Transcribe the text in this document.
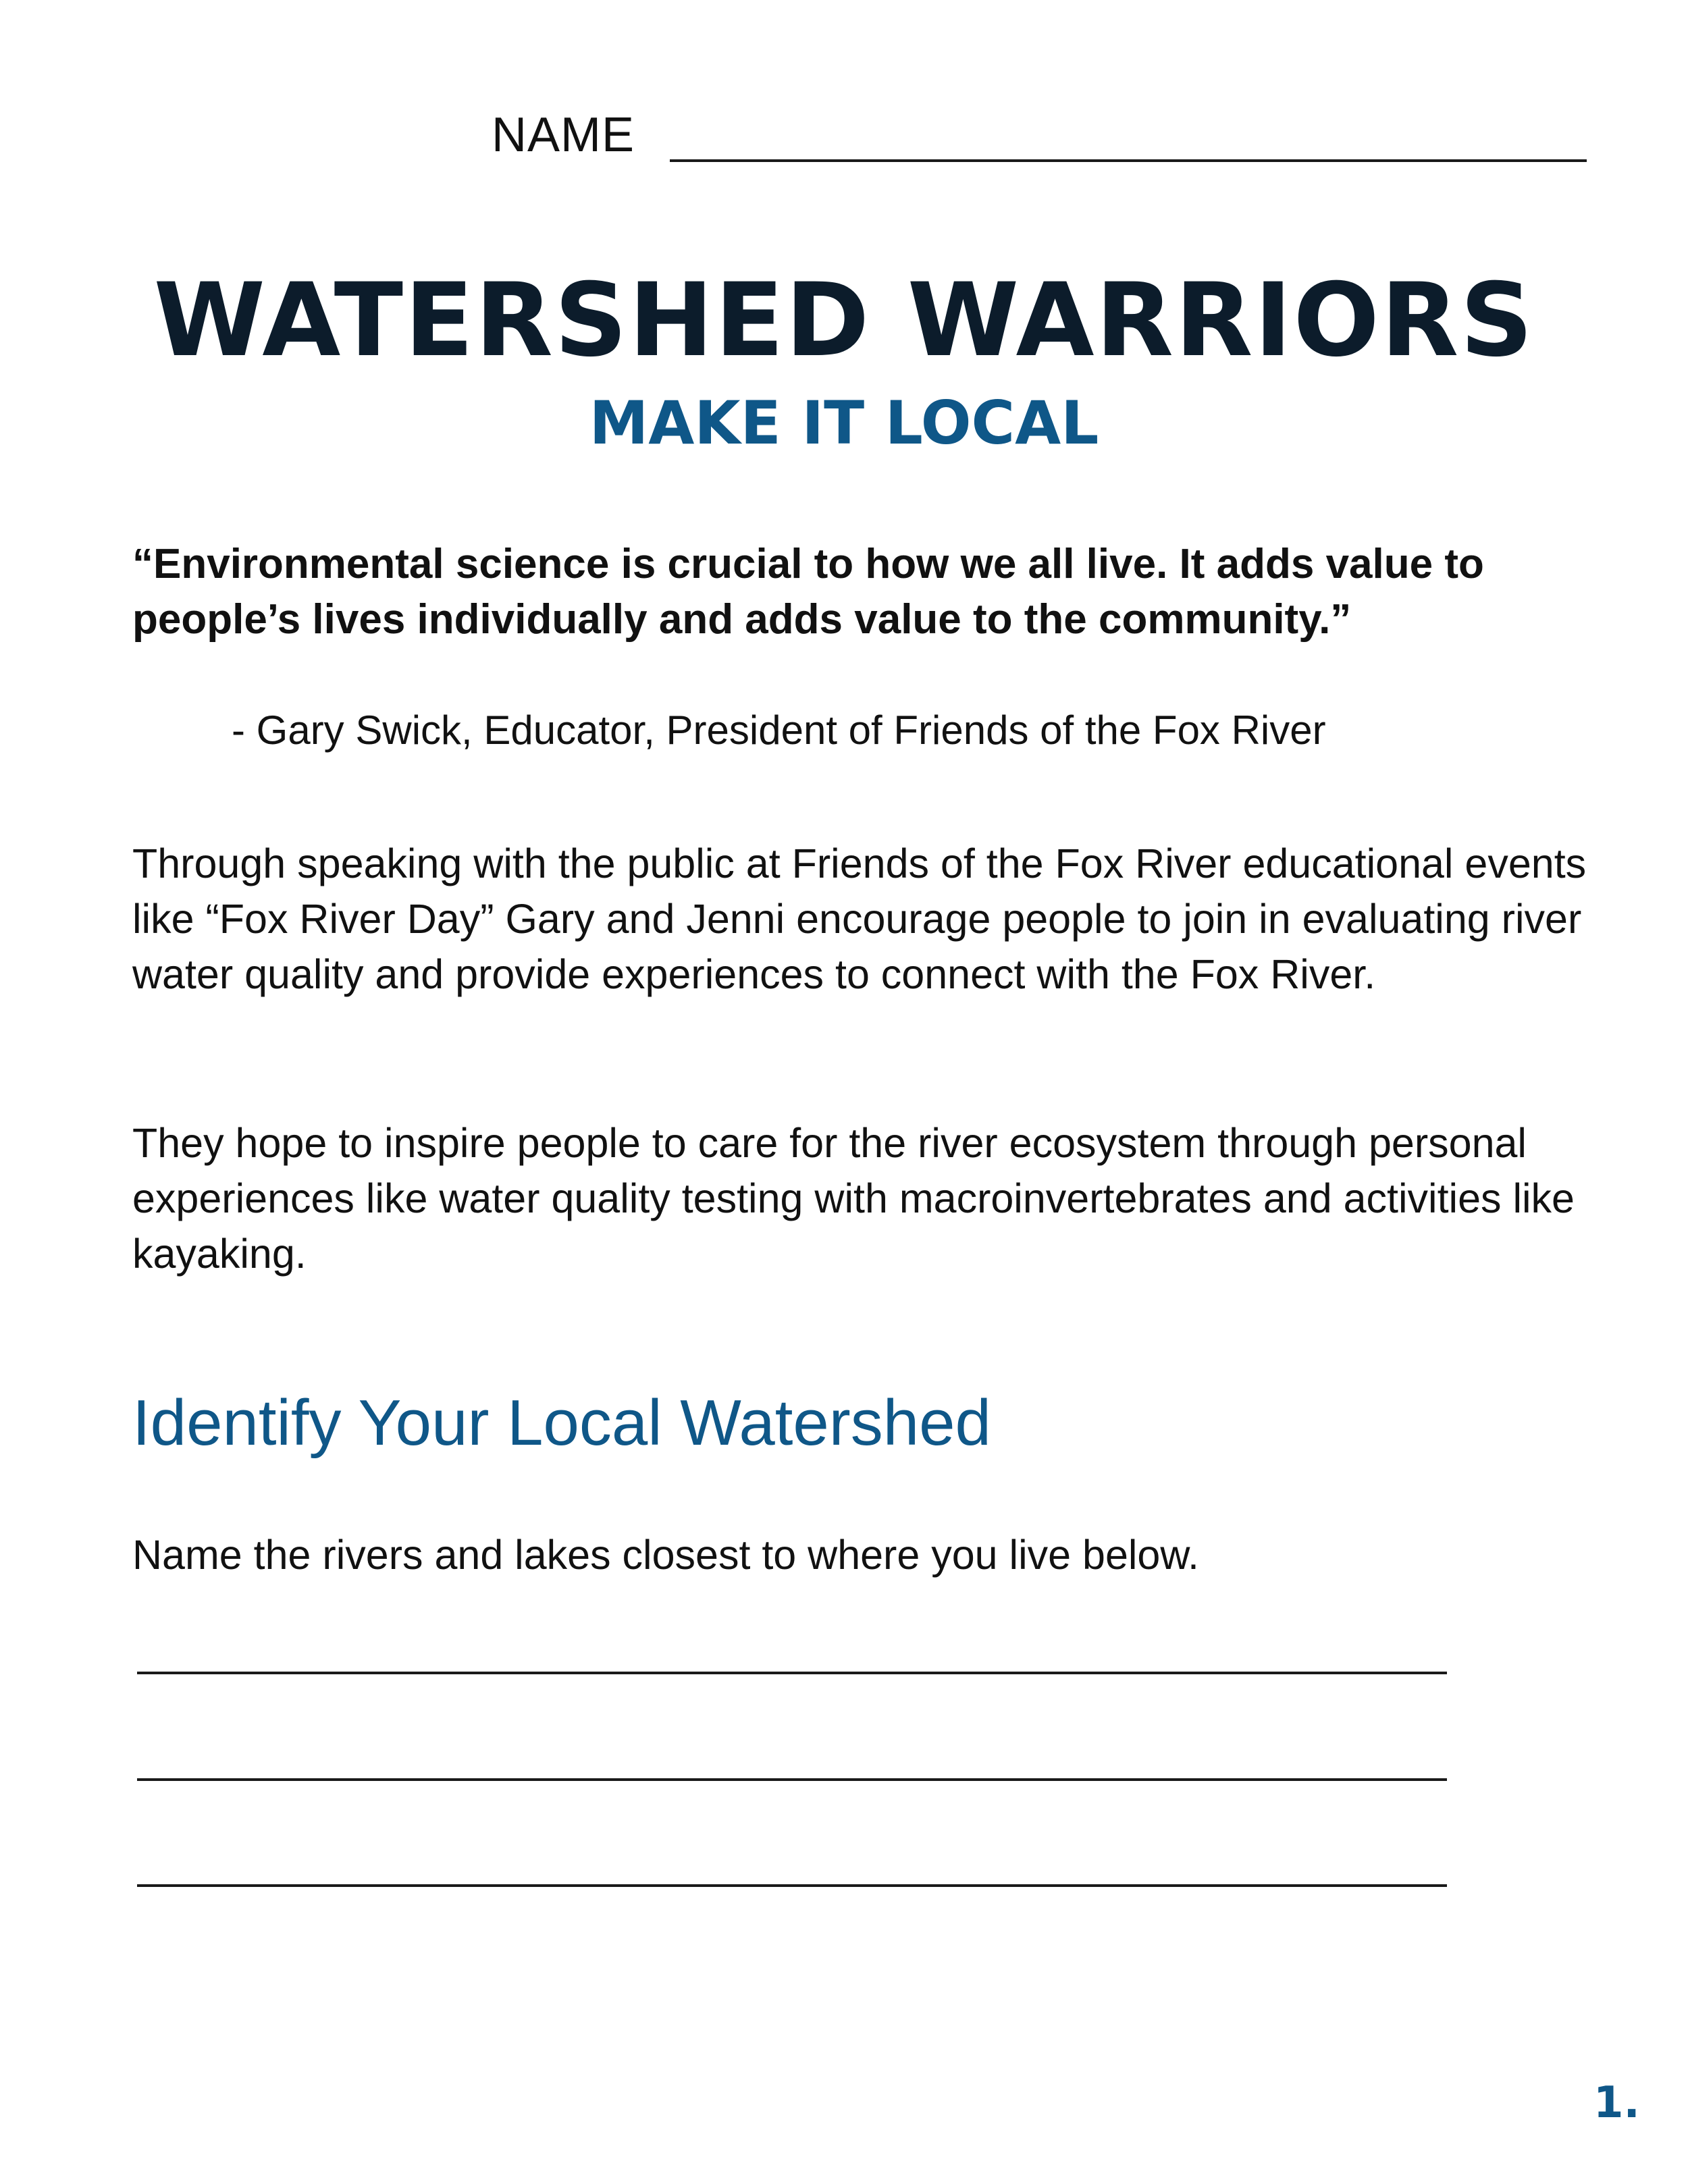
NAME
WATERSHED WARRIORS
MAKE IT LOCAL
“Environmental science is crucial to how we all live. It adds value to people’s lives individually and adds value to the community.”
- Gary Swick, Educator, President of Friends of the Fox River
Through speaking with the public at Friends of the Fox River educational events like “Fox River Day” Gary and Jenni encourage people to join in evaluating river water quality and provide experiences to connect with the Fox River.
They hope to inspire people to care for the river ecosystem through personal experiences like water quality testing with macroinvertebrates and activities like kayaking.
Identify Your Local Watershed
Name the rivers and lakes closest to where you live below.
1.
